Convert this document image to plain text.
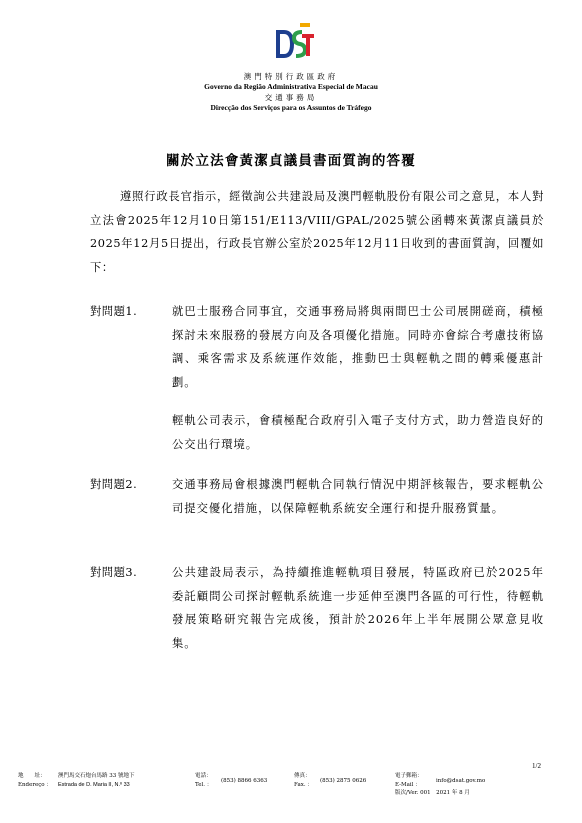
澳門特別行政區政府
Governo da Região Administrativa Especial de Macau
交通事務局
Direcção dos Serviços para os Assuntos de Tráfego
關於立法會黃潔貞議員書面質詢的答覆
遵照行政長官指示，經徵詢公共建設局及澳門輕軌股份有限公司之意見，本人對立法會2025年12月10日第151/E113/VIII/GPAL/2025號公函轉來黃潔貞議員於2025年12月5日提出，行政長官辦公室於2025年12月11日收到的書面質詢，回覆如下：
對問題1.	就巴士服務合同事宜，交通事務局將與兩間巴士公司展開磋商，積極探討未來服務的發展方向及各項優化措施。同時亦會綜合考慮技術協調、乘客需求及系統運作效能，推動巴士與輕軌之間的轉乘優惠計劃。

輕軌公司表示，會積極配合政府引入電子支付方式，助力營造良好的公交出行環境。

對問題2.	交通事務局會根據澳門輕軌合同執行情況中期評核報告，要求輕軌公司提交優化措施，以保障輕軌系統安全運行和提升服務質量。

對問題3.	公共建設局表示，為持續推進輕軌項目發展，特區政府已於2025年委託顧問公司探討輕軌系統進一步延伸至澳門各區的可行性，待輕軌發展策略研究報告完成後，預計於2026年上半年展開公眾意見收集。

1/2
地　　址：
Endereço ：
澳門馬交石炮台馬路 33 號地下
Estrada de D. Maria II, N.º 33
電話：
Tel. ：
(853) 8866 6363
傳真：
Fax. ：
(853) 2875 0626
電子郵箱：
E-Mail ：
info@dsat.gov.mo
版次/Ver. 001　2021 年 8 月
